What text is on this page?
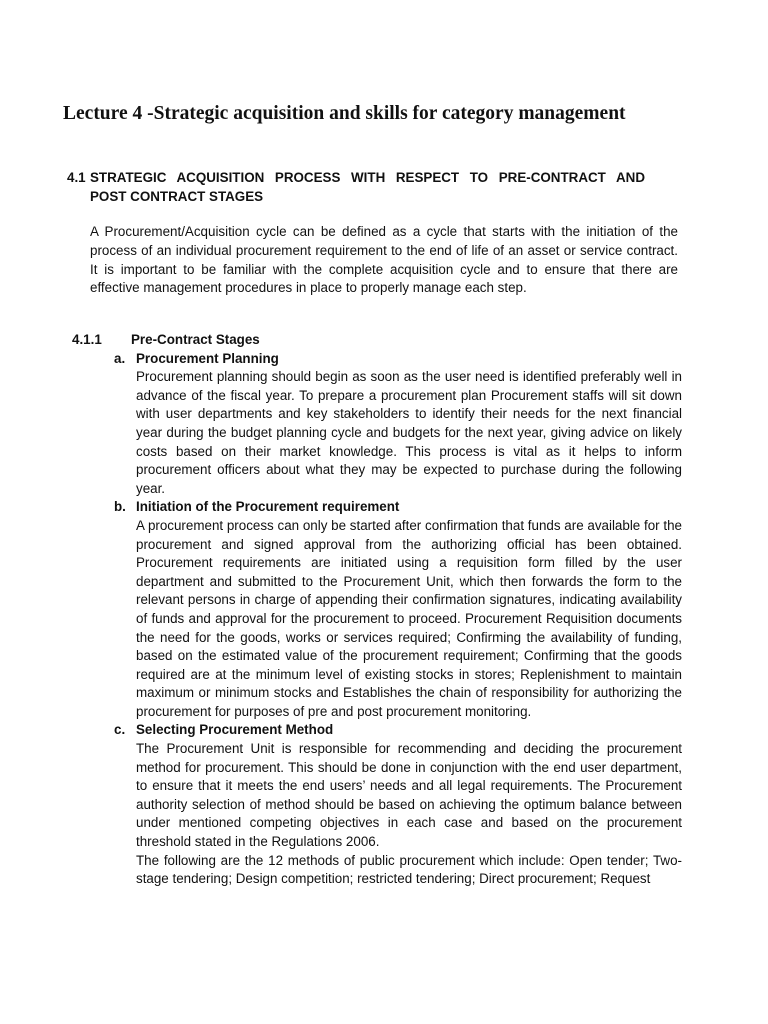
Lecture 4 -Strategic acquisition and skills for category management
4.1 STRATEGIC ACQUISITION PROCESS WITH RESPECT TO PRE-CONTRACT AND
POST CONTRACT STAGES

A Procurement/Acquisition cycle can be defined as a cycle that starts with the initiation of the process of an individual procurement requirement to the end of life of an asset or service contract. It is important to be familiar with the complete acquisition cycle and to ensure that there are effective management procedures in place to properly manage each step.

4.1.1 Pre-Contract Stages
a. Procurement Planning

Procurement planning should begin as soon as the user need is identified preferably well in advance of the fiscal year. To prepare a procurement plan Procurement staffs will sit down with user departments and key stakeholders to identify their needs for the next financial year during the budget planning cycle and budgets for the next year, giving advice on likely costs based on their market knowledge. This process is vital as it helps to inform procurement officers about what they may be expected to purchase during the following year.

b. Initiation of the Procurement requirement

A procurement process can only be started after confirmation that funds are available for the procurement and signed approval from the authorizing official has been obtained. Procurement requirements are initiated using a requisition form filled by the user department and submitted to the Procurement Unit, which then forwards the form to the relevant persons in charge of appending their confirmation signatures, indicating availability of funds and approval for the procurement to proceed. Procurement Requisition documents the need for the goods, works or services required; Confirming the availability of funding, based on the estimated value of the procurement requirement; Confirming that the goods required are at the minimum level of existing stocks in stores; Replenishment to maintain maximum or minimum stocks and Establishes the chain of responsibility for authorizing the procurement for purposes of pre and post procurement monitoring.

c. Selecting Procurement Method

The Procurement Unit is responsible for recommending and deciding the procurement method for procurement. This should be done in conjunction with the end user department, to ensure that it meets the end users’ needs and all legal requirements. The Procurement authority selection of method should be based on achieving the optimum balance between under mentioned competing objectives in each case and based on the procurement threshold stated in the Regulations 2006.

The following are the 12 methods of public procurement which include: Open tender; Two- stage tendering; Design competition; restricted tendering; Direct procurement; Request
